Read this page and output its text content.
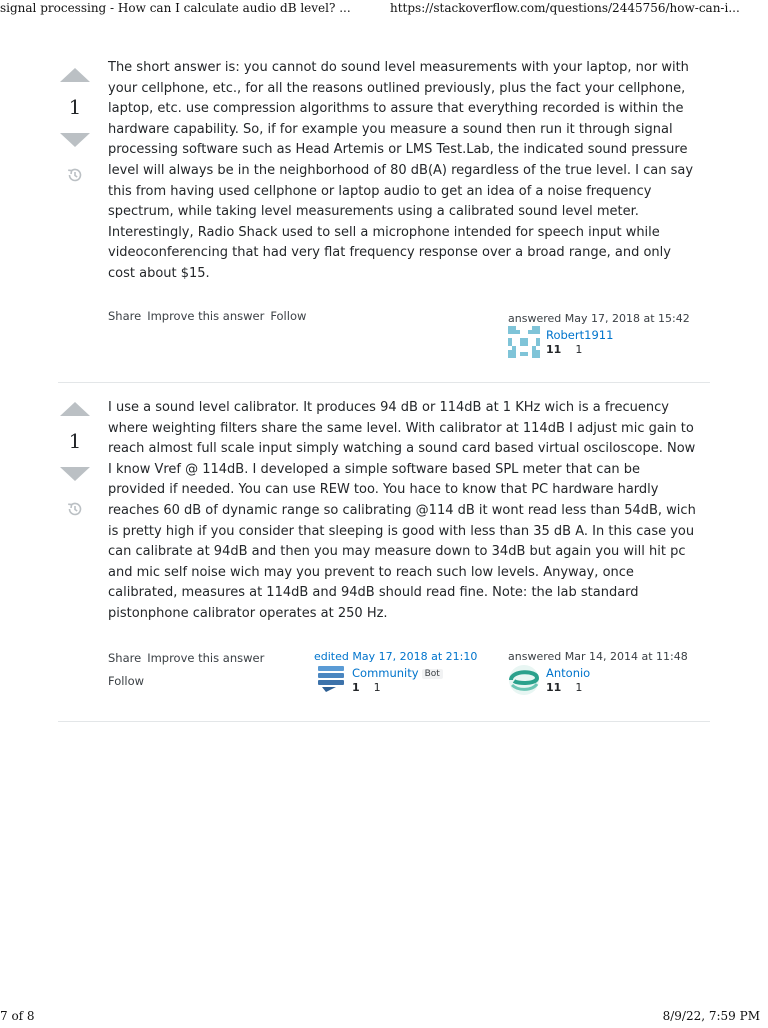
signal processing - How can I calculate audio dB level? ...	https://stackoverflow.com/questions/2445756/how-can-i...
1

The short answer is: you cannot do sound level measurements with your laptop, nor with your cellphone, etc., for all the reasons outlined previously, plus the fact your cellphone, laptop, etc. use compression algorithms to assure that everything recorded is within the hardware capability. So, if for example you measure a sound then run it through signal processing software such as Head Artemis or LMS Test.Lab, the indicated sound pressure level will always be in the neighborhood of 80 dB(A) regardless of the true level. I can say this from having used cellphone or laptop audio to get an idea of a noise frequency spectrum, while taking level measurements using a calibrated sound level meter. Interestingly, Radio Shack used to sell a microphone intended for speech input while videoconferencing that had very flat frequency response over a broad range, and only cost about $15.

Share Improve this answer Follow	answered May 17, 2018 at 15:42
Robert1911
11 1
1

I use a sound level calibrator. It produces 94 dB or 114dB at 1 KHz wich is a frecuency where weighting filters share the same level. With calibrator at 114dB I adjust mic gain to reach almost full scale input simply watching a sound card based virtual osciloscope. Now I know Vref @ 114dB. I developed a simple software based SPL meter that can be provided if needed. You can use REW too. You hace to know that PC hardware hardly reaches 60 dB of dynamic range so calibrating @114 dB it wont read less than 54dB, wich is pretty high if you consider that sleeping is good with less than 35 dB A. In this case you can calibrate at 94dB and then you may measure down to 34dB but again you will hit pc and mic self noise wich may you prevent to reach such low levels. Anyway, once calibrated, measures at 114dB and 94dB should read fine. Note: the lab standard pistonphone calibrator operates at 250 Hz.

Share Improve this answer
Follow
edited May 17, 2018 at 21:10
Community Bot
1 1
answered Mar 14, 2014 at 11:48
Antonio
11 1
7 of 8	8/9/22, 7:59 PM
